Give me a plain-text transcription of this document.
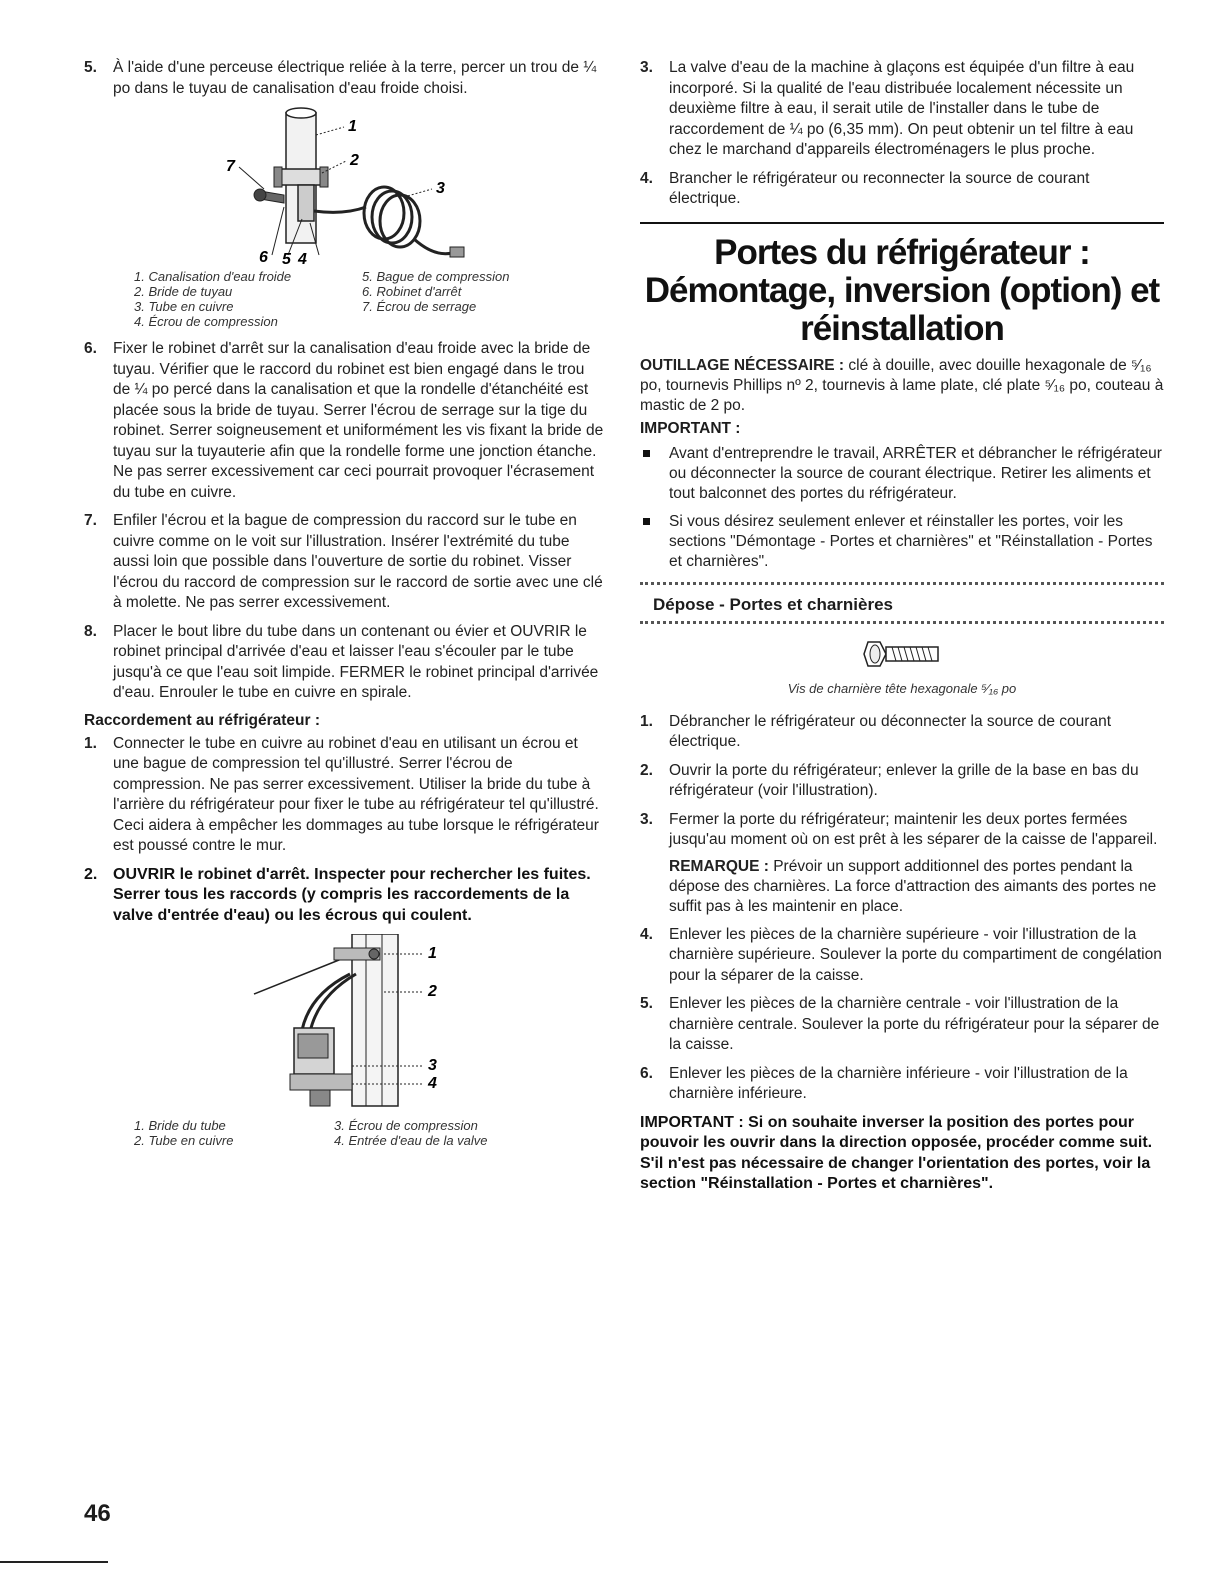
5. À l'aide d'une perceuse électrique reliée à la terre, percer un trou de ¼ po dans le tuyau de canalisation d'eau froide choisi.

1
2
3
4
5
6
7
1. Canalisation d'eau froide	5. Bague de compression
2. Bride de tuyau	6. Robinet d'arrêt
3. Tube en cuivre	7. Écrou de serrage
4. Écrou de compression
6. Fixer le robinet d'arrêt sur la canalisation d'eau froide avec la bride de tuyau. Vérifier que le raccord du robinet est bien engagé dans le trou de ¼ po percé dans la canalisation et que la rondelle d'étanchéité est placée sous la bride de tuyau. Serrer l'écrou de serrage sur la tige du robinet. Serrer soigneusement et uniformément les vis fixant la bride de tuyau sur la tuyauterie afin que la rondelle forme une jonction étanche. Ne pas serrer excessivement car ceci pourrait provoquer l'écrasement du tube en cuivre.

7. Enfiler l'écrou et la bague de compression du raccord sur le tube en cuivre comme on le voit sur l'illustration. Insérer l'extrémité du tube aussi loin que possible dans l'ouverture de sortie du robinet. Visser l'écrou du raccord de compression sur le raccord de sortie avec une clé à molette. Ne pas serrer excessivement.

8. Placer le bout libre du tube dans un contenant ou évier et OUVRIR le robinet principal d'arrivée d'eau et laisser l'eau s'écouler par le tube jusqu'à ce que l'eau soit limpide. FERMER le robinet principal d'arrivée d'eau. Enrouler le tube en cuivre en spirale.

Raccordement au réfrigérateur :
1. Connecter le tube en cuivre au robinet d'eau en utilisant un écrou et une bague de compression tel qu'illustré. Serrer l'écrou de compression. Ne pas serrer excessivement. Utiliser la bride du tube à l'arrière du réfrigérateur pour fixer le tube au réfrigérateur tel qu'illustré. Ceci aidera à empêcher les dommages au tube lorsque le réfrigérateur est poussé contre le mur.

2. OUVRIR le robinet d'arrêt. Inspecter pour rechercher les fuites. Serrer tous les raccords (y compris les raccordements de la valve d'entrée d'eau) ou les écrous qui coulent.

1
2
3
4
1. Bride du tube	3. Écrou de compression
2. Tube en cuivre	4. Entrée d'eau de la valve
3. La valve d'eau de la machine à glaçons est équipée d'un filtre à eau incorporé. Si la qualité de l'eau distribuée localement nécessite un deuxième filtre à eau, il serait utile de l'installer dans le tube de raccordement de ¼ po (6,35 mm). On peut obtenir un tel filtre à eau chez le marchand d'appareils électroménagers le plus proche.

4. Brancher le réfrigérateur ou reconnecter la source de courant électrique.

Portes du réfrigérateur : Démontage, inversion (option) et réinstallation

OUTILLAGE NÉCESSAIRE : clé à douille, avec douille hexagonale de ⁵⁄₁₆ po, tournevis Phillips nº 2, tournevis à lame plate, clé plate ⁵⁄₁₆ po, couteau à mastic de 2 po.

IMPORTANT :

Avant d'entreprendre le travail, ARRÊTER et débrancher le réfrigérateur ou déconnecter la source de courant électrique. Retirer les aliments et tout balconnet des portes du réfrigérateur.

Si vous désirez seulement enlever et réinstaller les portes, voir les sections "Démontage - Portes et charnières" et "Réinstallation - Portes et charnières".

Dépose - Portes et charnières
Vis de charnière tête hexagonale ⁵⁄₁₆ po
1. Débrancher le réfrigérateur ou déconnecter la source de courant électrique.

2. Ouvrir la porte du réfrigérateur; enlever la grille de la base en bas du réfrigérateur (voir l'illustration).

3. Fermer la porte du réfrigérateur; maintenir les deux portes fermées jusqu'au moment où on est prêt à les séparer de la caisse de l'appareil.

REMARQUE : Prévoir un support additionnel des portes pendant la dépose des charnières. La force d'attraction des aimants des portes ne suffit pas à les maintenir en place.

4. Enlever les pièces de la charnière supérieure - voir l'illustration de la charnière supérieure. Soulever la porte du compartiment de congélation pour la séparer de la caisse.

5. Enlever les pièces de la charnière centrale - voir l'illustration de la charnière centrale. Soulever la porte du réfrigérateur pour la séparer de la caisse.

6. Enlever les pièces de la charnière inférieure - voir l'illustration de la charnière inférieure.

IMPORTANT : Si on souhaite inverser la position des portes pour pouvoir les ouvrir dans la direction opposée, procéder comme suit. S'il n'est pas nécessaire de changer l'orientation des portes, voir la section "Réinstallation - Portes et charnières".

46
